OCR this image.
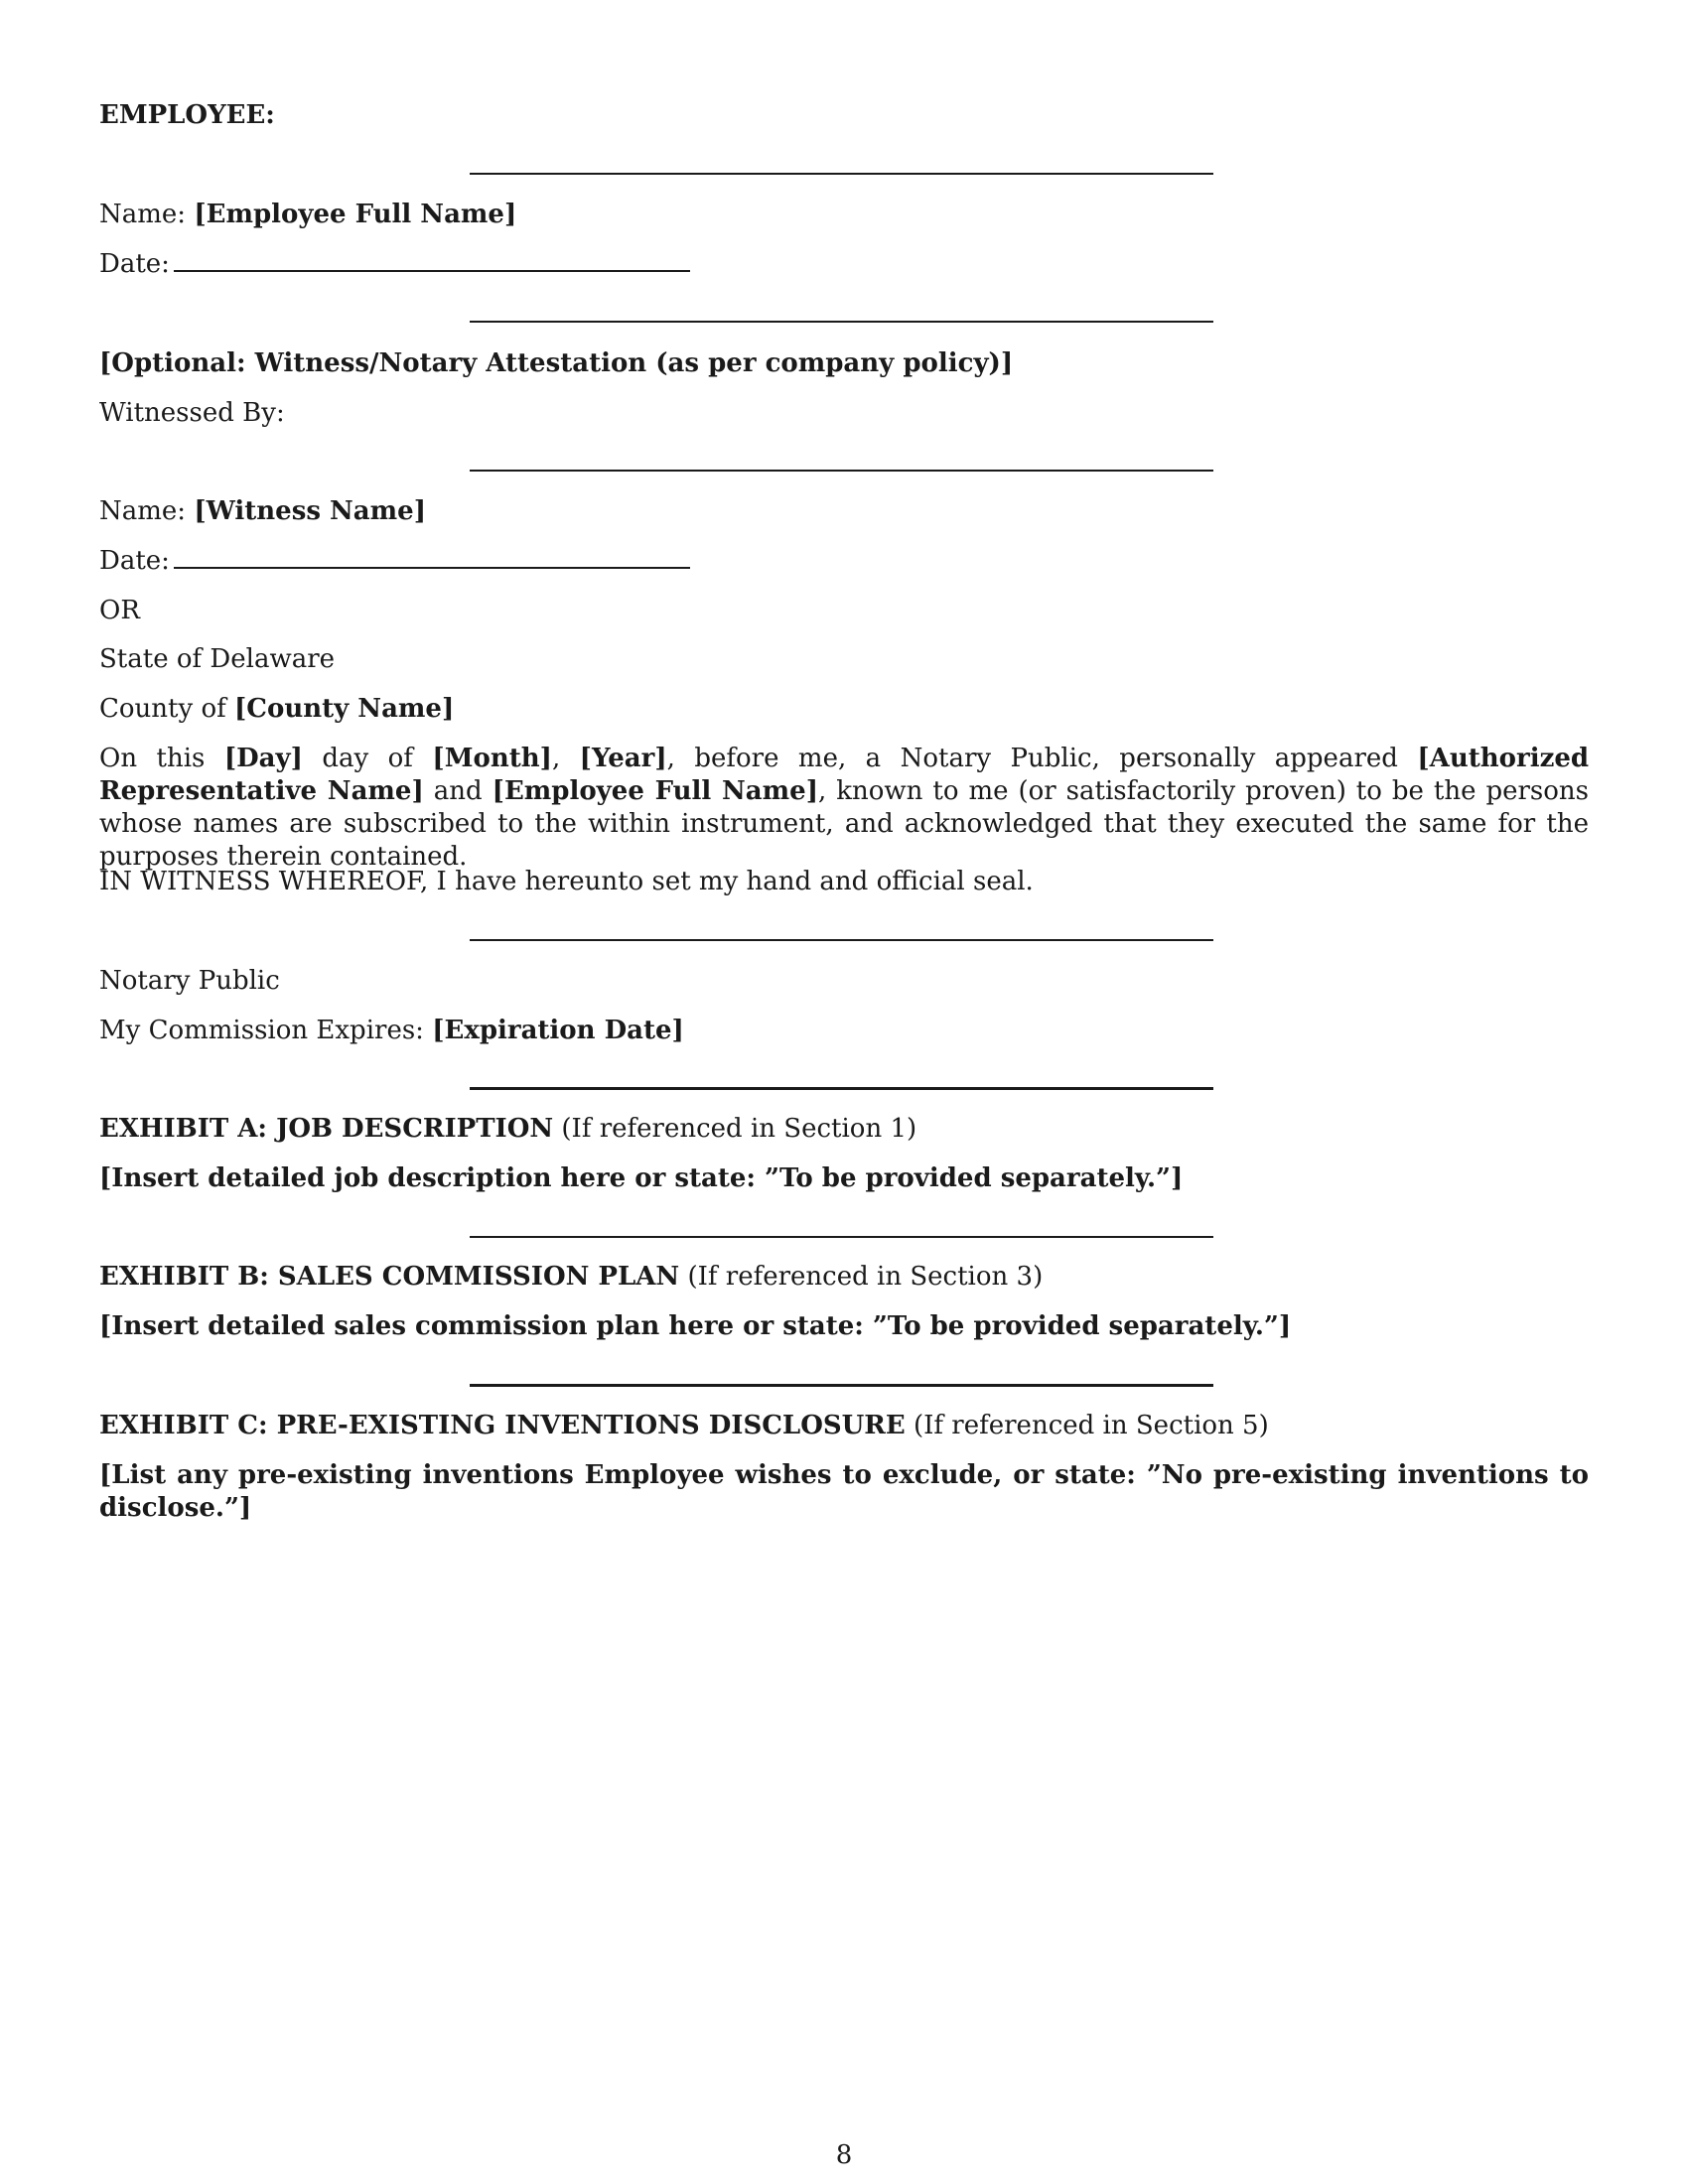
EMPLOYEE:
Name: [Employee Full Name]
Date:
[Optional: Witness/Notary Attestation (as per company policy)]
Witnessed By:
Name: [Witness Name]
Date:
OR
State of Delaware
County of [County Name]
On this [Day] day of [Month], [Year], before me, a Notary Public, personally appeared [Authorized Representative Name] and [Employee Full Name], known to me (or satisfactorily proven) to be the persons whose names are subscribed to the within instrument, and acknowledged that they executed the same for the purposes therein contained.
IN WITNESS WHEREOF, I have hereunto set my hand and official seal.
Notary Public
My Commission Expires: [Expiration Date]
EXHIBIT A: JOB DESCRIPTION (If referenced in Section 1)
[Insert detailed job description here or state: ”To be provided separately.”]
EXHIBIT B: SALES COMMISSION PLAN (If referenced in Section 3)
[Insert detailed sales commission plan here or state: ”To be provided separately.”]
EXHIBIT C: PRE-EXISTING INVENTIONS DISCLOSURE (If referenced in Section 5)
[List any pre-existing inventions Employee wishes to exclude, or state: ”No pre-existing inventions to disclose.”]
8
